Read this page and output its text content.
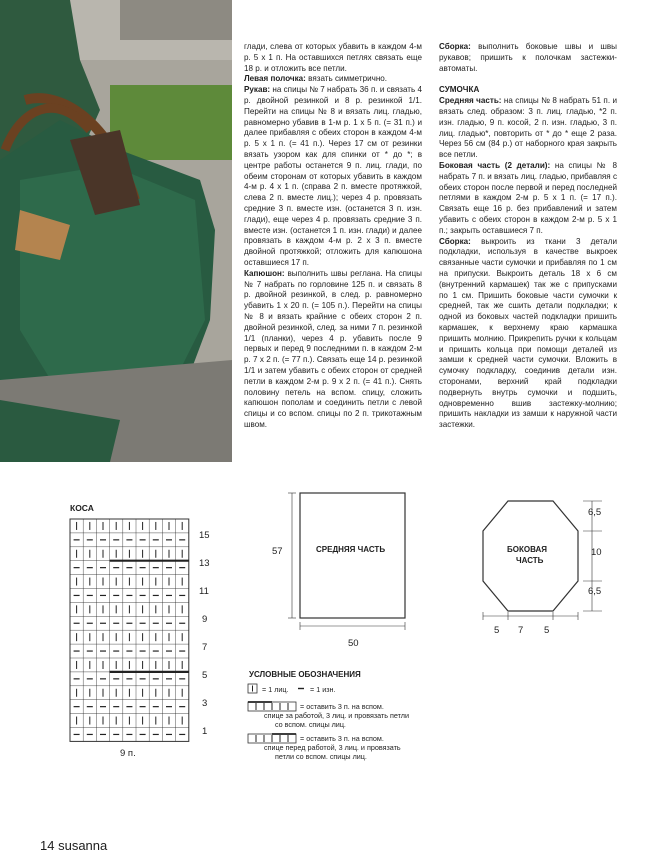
глади, слева от которых убавить в каждом 4-м р. 5 х 1 п. На оставшихся петлях связать еще 18 р. и отложить все петли.

Левая полочка: вязать симметрично.

Рукав: на спицы № 7 набрать 36 п. и связать 4 р. двойной резинкой и 8 р. резинкой 1/1. Перейти на спицы № 8 и вязать лиц. гладью, равномерно убавив в 1-м р. 1 х 5 п. (= 31 п.) и далее прибавляя с обеих сторон в каждом 4-м р. 5 х 1 п. (= 41 п.). Через 17 см от резинки вязать узором как для спинки от * до *; в центре работы останется 9 п. лиц. глади, по обеим сторонам от которых убавить в каждом 4-м р. 4 х 1 п. (справа 2 п. вместе протяжкой, слева 2 п. вместе лиц.); через 4 р. провязать средние 3 п. вместе изн. (останется 3 п. изн. глади), еще через 4 р. провязать средние 3 п. вместе изн. (останется 1 п. изн. глади) и далее провязать в каждом 4-м р. 2 х 3 п. вместе двойной протяжкой; отложить для капюшона оставшиеся 17 п.

Капюшон: выполнить швы реглана. На спицы № 7 набрать по горловине 125 п. и связать 8 р. двойной резинкой, в след. р. равномерно убавить 1 х 20 п. (= 105 п.). Перейти на спицы № 8 и вязать крайние с обеих сторон 2 п. двойной резинкой, след. за ними 7 п. резинкой 1/1 (планки), через 4 р. убавить после 9 первых и перед 9 последними п. в каждом 2-м р. 7 х 2 п. (= 77 п.). Связать еще 14 р. резинкой 1/1 и затем убавить с обеих сторон от средней петли в каждом 2-м р. 9 х 2 п. (= 41 п.). Снять половину петель на вспом. спицу, сложить капюшон пополам и соединить петли с левой спицы и со вспом. спицы по 2 п. трикотажным швом.

Сборка: выполнить боковые швы и швы рукавов; пришить к полочкам застежки-автоматы.

СУМОЧКА

Средняя часть: на спицы № 8 набрать 51 п. и вязать след. образом: 3 п. лиц. гладью, *2 п. изн. гладью, 9 п. косой, 2 п. изн. гладью, 3 п. лиц. гладью*, повторить от * до * еще 2 раза. Через 56 см (84 р.) от наборного края закрыть все петли.

Боковая часть (2 детали): на спицы № 8 набрать 7 п. и вязать лиц. гладью, прибавляя с обеих сторон после первой и перед последней петлями в каждом 2-м р. 5 х 1 п. (= 17 п.). Связать еще 16 р. без прибавлений и затем убавить с обеих сторон в каждом 2-м р. 5 х 1 п.; закрыть оставшиеся 7 п.

Сборка: выкроить из ткани 3 детали подкладки, используя в качестве выкроек связанные части сумочки и прибавляя по 1 см на припуски. Выкроить деталь 18 х 6 см (внутренний кармашек) так же с припусками по 1 см. Пришить боковые части сумочки к средней, так же сшить детали подкладки; к одной из боковых частей подкладки пришить кармашек, к верхнему краю кармашка пришить молнию. Прикрепить ручки к кольцам и пришить кольца при помощи деталей из замши к средней части сумочки. Вложить в сумочку подкладку, соединив детали изн. сторонами, верхний край подкладки подвернуть внутрь сумочки и подшить, одновременно вшив застежку-молнию; пришить накладки из замши к наружной части застежки.

КОСА
15
13
11
9
7
5
3
1
9 п.
СРЕДНЯЯ ЧАСТЬ
57
50
БОКОВАЯ
ЧАСТЬ
6,5
10
6,5
5 7 5
УСЛОВНЫЕ ОБОЗНАЧЕНИЯ
= 1 лиц.	= 1 изн.
= оставить 3 п. на вспом.
спице за работой, 3 лиц. и провязать петли
со вспом. спицы лиц.
= оставить 3 п. на вспом.
спице перед работой, 3 лиц. и провязать
петли со вспом. спицы лиц.
14 susanna
